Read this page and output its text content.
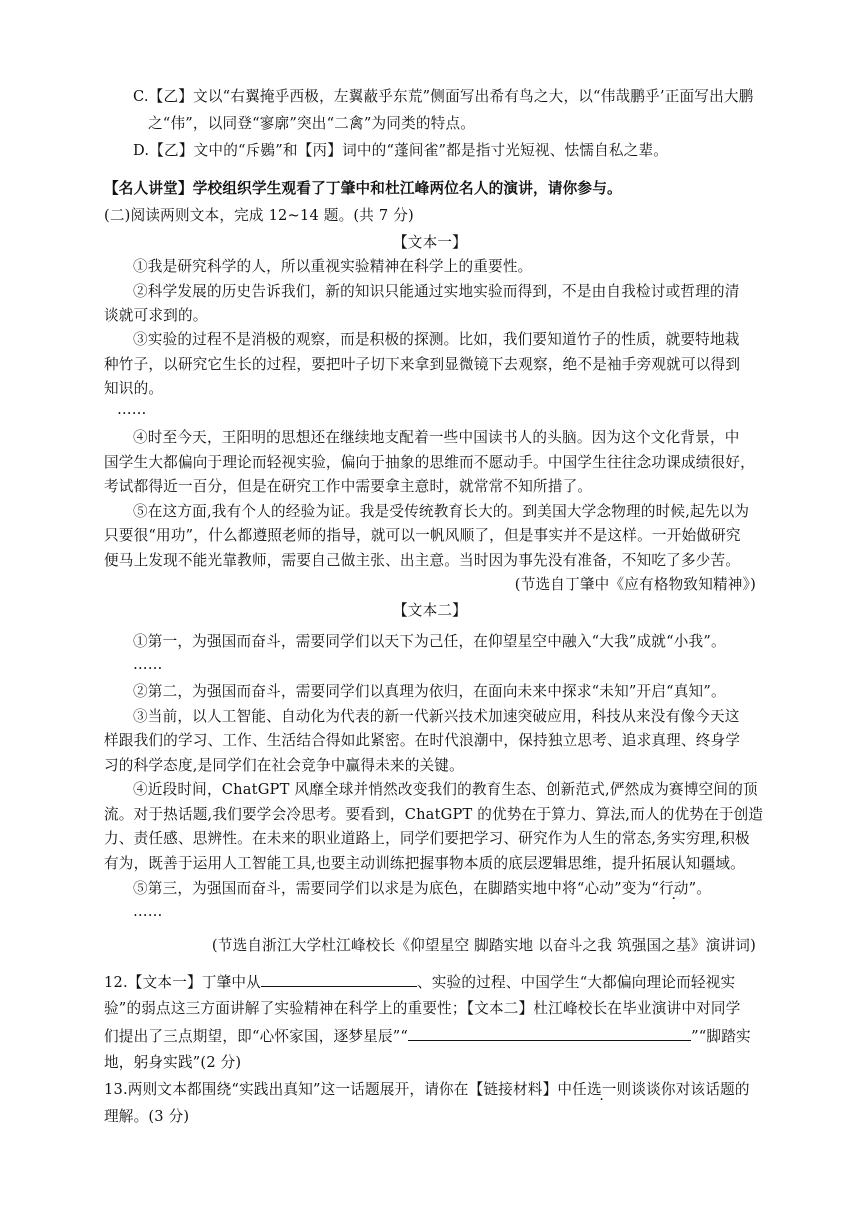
C.【乙】文以“右翼掩乎西极，左翼蔽乎东荒”侧面写出希有鸟之大，以“伟哉鹏乎’正面写出大鹏
之“伟”，以同登“寥廓”突出“二禽”为同类的特点。
D.【乙】文中的“斥鷃”和【丙】词中的“蓬间雀”都是指寸光短视、怯懦自私之辈。
【名人讲堂】学校组织学生观看了丁肇中和杜江峰两位名人的演讲，请你参与。
(二)阅读两则文本，完成 12~14 题。(共 7 分)
【文本一】
①我是研究科学的人，所以重视实验精神在科学上的重要性。
②科学发展的历史告诉我们，新的知识只能通过实地实验而得到，不是由自我检讨或哲理的清
谈就可求到的。
③实验的过程不是消极的观察，而是积极的探测。比如，我们要知道竹子的性质，就要特地栽
种竹子，以研究它生长的过程，要把叶子切下来拿到显微镜下去观察，绝不是袖手旁观就可以得到
知识的。
……
④时至今天，王阳明的思想还在继续地支配着一些中国读书人的头脑。因为这个文化背景，中
国学生大都偏向于理论而轻视实验，偏向于抽象的思维而不愿动手。中国学生往往念功课成绩很好，
考试都得近一百分，但是在研究工作中需要拿主意时，就常常不知所措了。
⑤在这方面,我有个人的经验为证。我是受传统教育长大的。到美国大学念物理的时候,起先以为
只要很“用功”，什么都遵照老师的指导，就可以一帆风顺了，但是事实并不是这样。一开始做研究
便马上发现不能光靠教师，需要自己做主张、出主意。当时因为事先没有准备，不知吃了多少苦。
(节选自丁肇中《应有格物致知精神》)
【文本二】
①第一，为强国而奋斗，需要同学们以天下为己任，在仰望星空中融入“大我”成就“小我”。
……
②第二，为强国而奋斗，需要同学们以真理为依归，在面向未来中探求“未知”开启“真知”。
③当前，以人工智能、自动化为代表的新一代新兴技术加速突破应用，科技从来没有像今天这
样跟我们的学习、工作、生活结合得如此紧密。在时代浪潮中，保持独立思考、追求真理、终身学
习的科学态度,是同学们在社会竞争中赢得未来的关键。
④近段时间，ChatGPT 风靡全球并悄然改变我们的教育生态、创新范式,俨然成为赛博空间的顶
流。对于热话题,我们要学会冷思考。要看到，ChatGPT 的优势在于算力、算法,而人的优势在于创造
力、责任感、思辨性。在未来的职业道路上，同学们要把学习、研究作为人生的常态,务实穷理,积极
有为，既善于运用人工智能工具,也要主动训练把握事物本质的底层逻辑思维，提升拓展认知疆域。
⑤第三，为强国而奋斗，需要同学们以求是为底色，在脚踏实地中将“心动”变为“行动”。
……
(节选自浙江大学杜江峰校长《仰望星空 脚踏实地 以奋斗之我 筑强国之基》演讲词)
12.【文本一】丁肇中从	、实验的过程、中国学生“大都偏向理论而轻视实
验”的弱点这三方面讲解了实验精神在科学上的重要性；【文本二】杜江峰校长在毕业演讲中对同学
们提出了三点期望，即“心怀家国，逐梦星辰”“	”“脚踏实
地，躬身实践”(2 分)
13.两则文本都围绕“实践出真知”这一话题展开，请你在【链接材料】中任选一则谈谈你对该话题的
理解。(3 分)
